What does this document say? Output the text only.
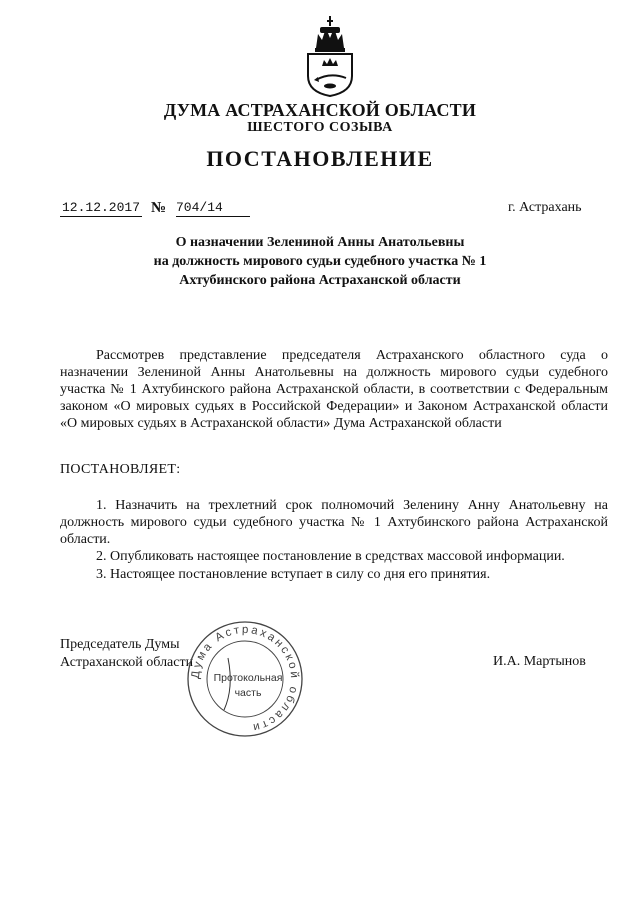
ДУМА АСТРАХАНСКОЙ ОБЛАСТИ
ШЕСТОГО СОЗЫВА
ПОСТАНОВЛЕНИЕ
12.12.2017 № 704/14	г. Астрахань
О назначении Зелениной Анны Анатольевны
на должность мирового судьи судебного участка № 1
Ахтубинского района Астраханской области
Рассмотрев представление председателя Астраханского областного суда о назначении Зелениной Анны Анатольевны на должность мирового судьи судебного участка № 1 Ахтубинского района Астраханской области, в соответствии с Федеральным законом «О мировых судьях в Российской Федерации» и Законом Астраханской области «О мировых судьях в Астраханской области» Дума Астраханской области
ПОСТАНОВЛЯЕТ:
1. Назначить на трехлетний срок полномочий Зеленину Анну Анатольевну на должность мирового судьи судебного участка № 1 Ахтубинского района Астраханской области.
2. Опубликовать настоящее постановление в средствах массовой информации.
3. Настоящее постановление вступает в силу со дня его принятия.
Председатель Думы
Астраханской области	И.А. Мартынов
Дума Астраханской области
Протокольная
часть
